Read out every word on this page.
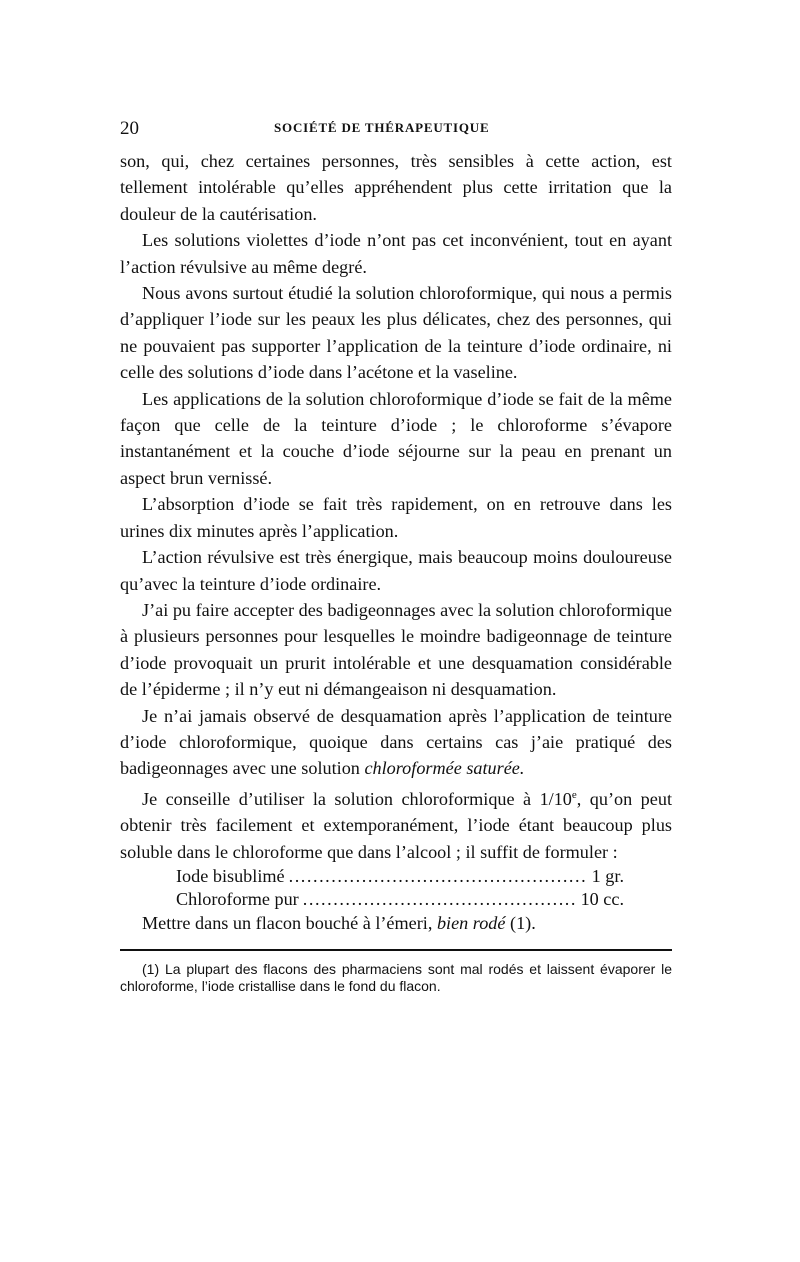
20	SOCIÉTÉ DE THÉRAPEUTIQUE

son, qui, chez certaines personnes, très sensibles à cette action, est tellement intolérable qu’elles appréhendent plus cette irritation que la douleur de la cautérisation.

Les solutions violettes d’iode n’ont pas cet inconvénient, tout en ayant l’action révulsive au même degré.

Nous avons surtout étudié la solution chloroformique, qui nous a permis d’appliquer l’iode sur les peaux les plus délicates, chez des personnes, qui ne pouvaient pas supporter l’application de la teinture d’iode ordinaire, ni celle des solutions d’iode dans l’acétone et la vaseline.

Les applications de la solution chloroformique d’iode se fait de la même façon que celle de la teinture d’iode ; le chloroforme s’évapore instantanément et la couche d’iode séjourne sur la peau en prenant un aspect brun vernissé.

L’absorption d’iode se fait très rapidement, on en retrouve dans les urines dix minutes après l’application.

L’action révulsive est très énergique, mais beaucoup moins douloureuse qu’avec la teinture d’iode ordinaire.

J’ai pu faire accepter des badigeonnages avec la solution chloroformique à plusieurs personnes pour lesquelles le moindre badigeonnage de teinture d’iode provoquait un prurit intolérable et une desquamation considérable de l’épiderme ; il n’y eut ni démangeaison ni desquamation.

Je n’ai jamais observé de desquamation après l’application de teinture d’iode chloroformique, quoique dans certains cas j’aie pratiqué des badigeonnages avec une solution chloroformée saturée.

Je conseille d’utiliser la solution chloroformique à 1/10e, qu’on peut obtenir très facilement et extemporanément, l’iode étant beaucoup plus soluble dans le chloroforme que dans l’alcool ; il suffit de formuler :

Iode bisublimé . . .	1 gr.
Chloroforme pur . . .	10 cc.
Mettre dans un flacon bouché à l’émeri, bien rodé (1).

(1) La plupart des flacons des pharmaciens sont mal rodés et laissent évaporer le chloroforme, l’iode cristallise dans le fond du flacon.
